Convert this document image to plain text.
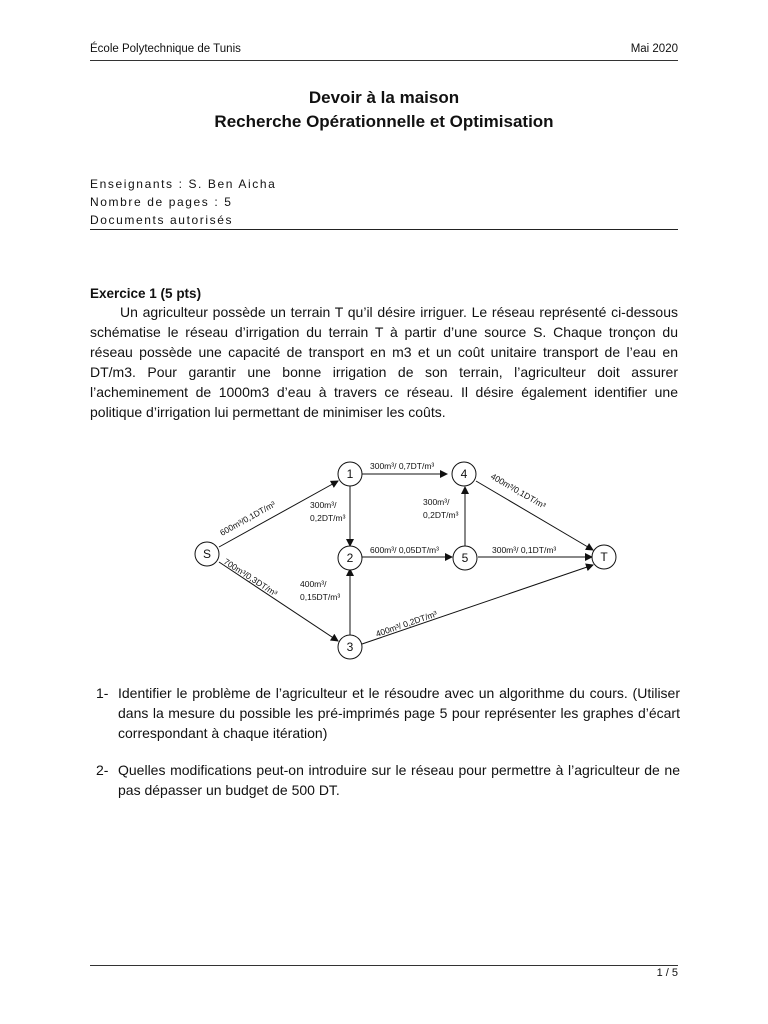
École Polytechnique de Tunis	Mai 2020
Devoir à la maison
Recherche Opérationnelle et Optimisation
Enseignants : S. Ben Aicha
Nombre de pages : 5
Documents autorisés
Exercice 1 (5 pts)

Un agriculteur possède un terrain T qu’il désire irriguer. Le réseau représenté ci-dessous schématise le réseau d’irrigation du terrain T à partir d’une source S. Chaque tronçon du réseau possède une capacité de transport en m3 et un coût unitaire transport de l’eau en DT/m3. Pour garantir une bonne irrigation de son terrain, l’agriculteur doit assurer l’acheminement de 1000m3 d’eau à travers ce réseau. Il désire également identifier une politique d’irrigation lui permettant de minimiser les coûts.

S
1
2
3
4
5	T
600m³/0,1DT/m³
700m³/0,3DT/m³
300m³/ 0,7DT/m³
300m³/
0,2DT/m³
600m³/ 0,05DT/m³
400m³/
0,15DT/m³
300m³/
0,2DT/m³
400m³/0,1DT/m³
300m³/ 0,1DT/m³
400m³/ 0,2DT/m³
1- Identifier le problème de l’agriculteur et le résoudre avec un algorithme du cours. (Utiliser dans la mesure du possible les pré-imprimés page 5 pour représenter les graphes d’écart correspondant à chaque itération)
2- Quelles modifications peut-on introduire sur le réseau pour permettre à l’agriculteur de ne pas dépasser un budget de 500 DT.
1 / 5
